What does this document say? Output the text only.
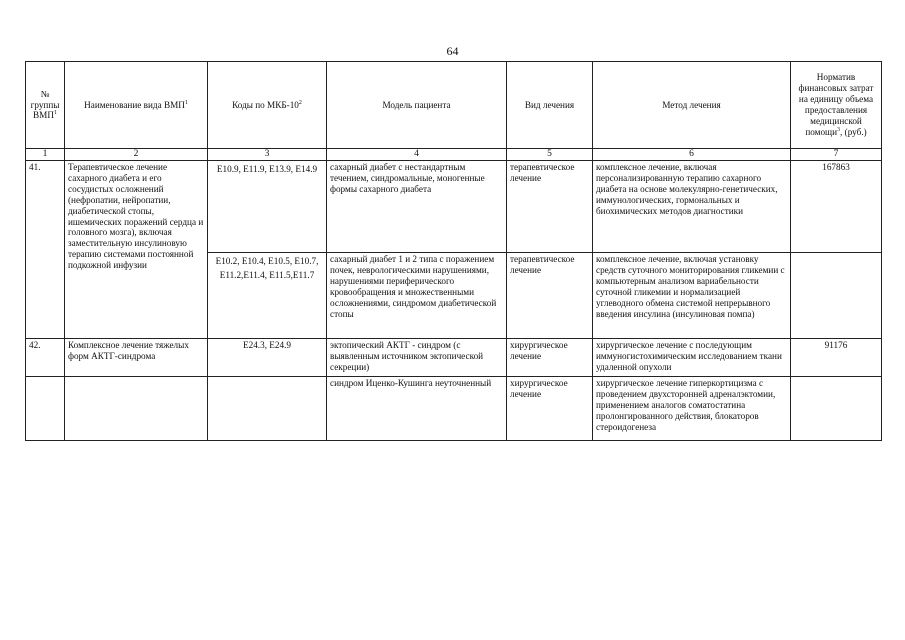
64
№ группы ВМП$^1$	Наименование вида ВМП$^1$	Коды по МКБ-$10^2$	Модель пациента	Вид лечения	Метод лечения	Норматив финансовых затрат на единицу объема предоставления медицинской помощи$^3$, (руб.)
1	2	3	4	5	6	7
41.	Терапевтическое лечение сахарного диабета и его сосудистых осложнений (нефропатии, нейропатии, диабетической стопы, ишемических поражений сердца и головного мозга), включая заместительную инсулиновую терапию системами постоянной подкожной инфузии	E10.9, E11.9, E13.9, E14.9	сахарный диабет с нестандартным течением, синдромальные, моногенные формы сахарного диабета	терапевтическое лечение	комплексное лечение, включая персонализированную терапию сахарного диабета на основе молекулярно-генетических, иммунологических, гормональных и биохимических методов диагностики	167863
		E10.2, E10.4, E10.5, E10.7, E11.2,E11.4, E11.5,E11.7	сахарный диабет 1 и 2 типа с поражением почек, неврологическими нарушениями, нарушениями периферического кровообращения и множественными осложнениями, синдромом диабетической стопы	терапевтическое лечение	комплексное лечение, включая установку средств суточного мониторирования гликемии с компьютерным анализом вариабельности суточной гликемии и нормализацией углеводного обмена системой непрерывного введения инсулина (инсулиновая помпа)	
42.	Комплексное лечение тяжелых форм АКТГ-синдрома	E24.3, E24.9	эктопический АКТГ - синдром (с выявленным источником эктопической секреции)	хирургическое лечение	хирургическое лечение с последующим иммуногистохимическим исследованием ткани удаленной опухоли	91176
			синдром Иценко-Кушинга неуточненный	хирургическое лечение	хирургическое лечение гиперкортицизма с проведением двухсторонней адреналэктомии, применением аналогов соматостатина пролонгированного действия, блокаторов стероидогенеза	
